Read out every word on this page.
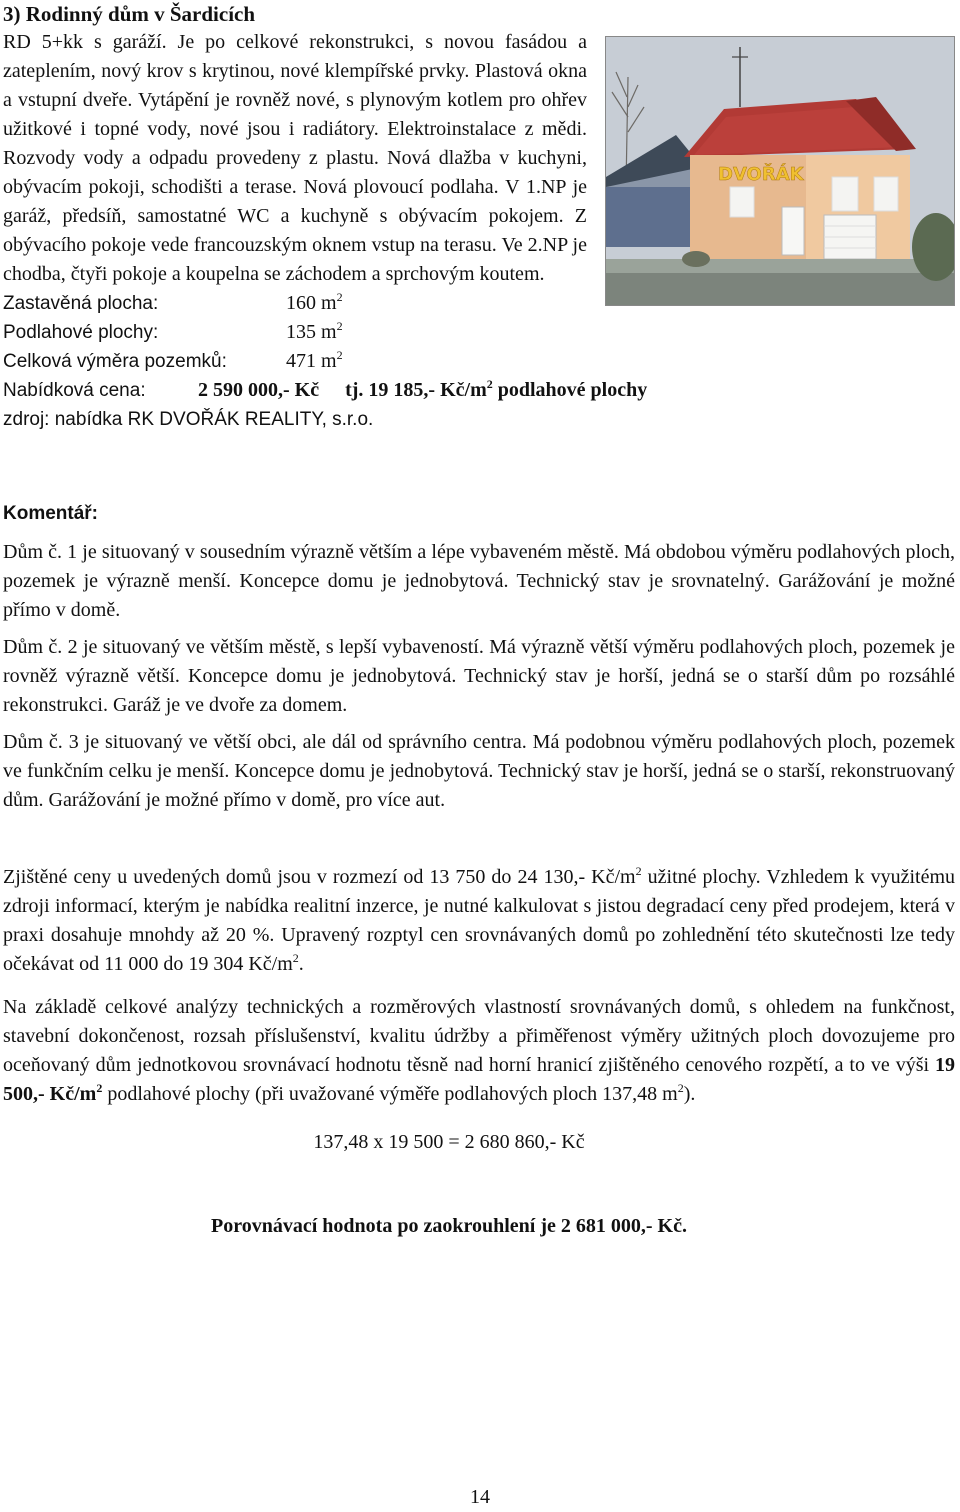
3) Rodinný dům v Šardicích
DVOŘÁK

RD 5+kk s garáží. Je po celkové rekonstrukci, s novou fasádou a zateplením, nový krov s krytinou, nové klempířské prvky. Plastová okna a vstupní dveře. Vytápění je rovněž nové, s plynovým kotlem pro ohřev užitkové i topné vody, nové jsou i radiátory. Elektroinstalace z mědi. Rozvody vody a odpadu provedeny z plastu. Nová dlažba v kuchyni, obývacím pokoji, schodišti a terase. Nová plovoucí podlaha. V 1.NP je garáž, předsíň, samostatné WC a kuchyně s obývacím pokojem. Z obývacího pokoje vede francouzským oknem vstup na terasu. Ve 2.NP je chodba, čtyři pokoje a koupelna se záchodem a sprchovým koutem.

Zastavěná plocha:	160 $m^2$
Podlahové plochy:	135 $m^2$
Celková výměra pozemků:	471 $m^2$
Nabídková cena:	2 590 000,- Kč tj. 19 185,- $Kč/m^2$ podlahové plochy
zdroj: nabídka RK DVOŘÁK REALITY, s.r.o.
Komentář:

Dům č. 1 je situovaný v sousedním výrazně větším a lépe vybaveném městě. Má obdobou výměru podlahových ploch, pozemek je výrazně menší. Koncepce domu je jednobytová. Technický stav je srovnatelný. Garážování je možné přímo v domě.

Dům č. 2 je situovaný ve větším městě, s lepší vybaveností. Má výrazně větší výměru podlahových ploch, pozemek je rovněž výrazně větší. Koncepce domu je jednobytová. Technický stav je horší, jedná se o starší dům po rozsáhlé rekonstrukci. Garáž je ve dvoře za domem.

Dům č. 3 je situovaný ve větší obci, ale dál od správního centra. Má podobnou výměru podlahových ploch, pozemek ve funkčním celku je menší. Koncepce domu je jednobytová. Technický stav je horší, jedná se o starší, rekonstruovaný dům. Garážování je možné přímo v domě, pro více aut.

Zjištěné ceny u uvedených domů jsou v rozmezí od 13 750 do 24 130,- $Kč/m^2$ užitné plochy. Vzhledem k využitému zdroji informací, kterým je nabídka realitní inzerce, je nutné kalkulovat s jistou degradací ceny před prodejem, která v praxi dosahuje mnohdy až 20 %. Upravený rozptyl cen srovnávaných domů po zohlednění této skutečnosti lze tedy očekávat od 11 000 do 19 304 $Kč/m^2$.

Na základě celkové analýzy technických a rozměrových vlastností srovnávaných domů, s ohledem na funkčnost, stavební dokončenost, rozsah příslušenství, kvalitu údržby a přiměřenost výměry užitných ploch dovozujeme pro oceňovaný dům jednotkovou srovnávací hodnotu těsně nad horní hranicí zjištěného cenového rozpětí, a to ve výši 19 500,- $Kč/m^2$ podlahové plochy (při uvažované výměře podlahových ploch 137,48 $m^2$).

137,48 x 19 500 = 2 680 860,- Kč
Porovnávací hodnota po zaokrouhlení je 2 681 000,- Kč.
14
